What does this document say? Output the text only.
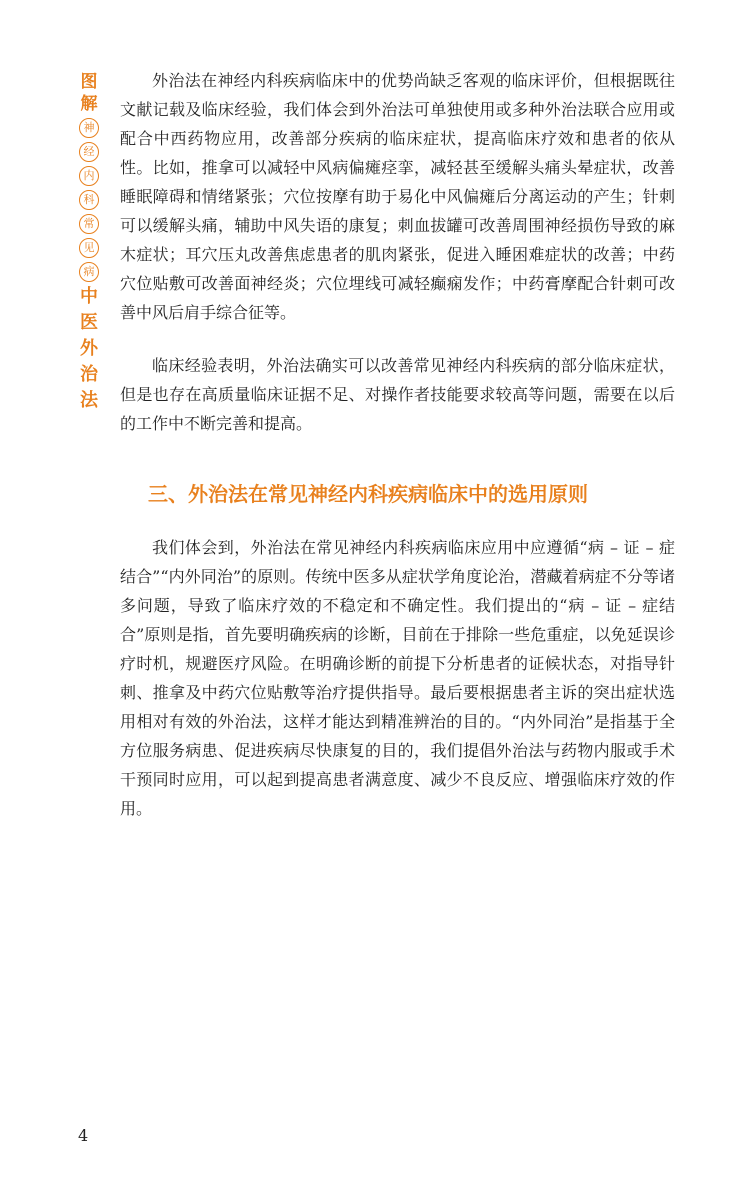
图
解
神
经
内
科
常
见
病
中
医
外
治
法

外治法在神经内科疾病临床中的优势尚缺乏客观的临床评价，但根据既往文献记载及临床经验，我们体会到外治法可单独使用或多种外治法联合应用或配合中西药物应用，改善部分疾病的临床症状，提高临床疗效和患者的依从性。比如，推拿可以减轻中风病偏瘫痉挛，减轻甚至缓解头痛头晕症状，改善睡眠障碍和情绪紧张；穴位按摩有助于易化中风偏瘫后分离运动的产生；针刺可以缓解头痛，辅助中风失语的康复；刺血拔罐可改善周围神经损伤导致的麻木症状；耳穴压丸改善焦虑患者的肌肉紧张，促进入睡困难症状的改善；中药穴位贴敷可改善面神经炎；穴位埋线可减轻癫痫发作；中药膏摩配合针刺可改善中风后肩手综合征等。

临床经验表明，外治法确实可以改善常见神经内科疾病的部分临床症状，但是也存在高质量临床证据不足、对操作者技能要求较高等问题，需要在以后的工作中不断完善和提高。

三、外治法在常见神经内科疾病临床中的选用原则

我们体会到，外治法在常见神经内科疾病临床应用中应遵循“病 – 证 – 症结合”“内外同治”的原则。传统中医多从症状学角度论治，潜藏着病症不分等诸多问题，导致了临床疗效的不稳定和不确定性。我们提出的“病 – 证 – 症结合”原则是指，首先要明确疾病的诊断，目前在于排除一些危重症，以免延误诊疗时机，规避医疗风险。在明确诊断的前提下分析患者的证候状态，对指导针刺、推拿及中药穴位贴敷等治疗提供指导。最后要根据患者主诉的突出症状选用相对有效的外治法，这样才能达到精准辨治的目的。“内外同治”是指基于全方位服务病患、促进疾病尽快康复的目的，我们提倡外治法与药物内服或手术干预同时应用，可以起到提高患者满意度、减少不良反应、增强临床疗效的作用。

4
